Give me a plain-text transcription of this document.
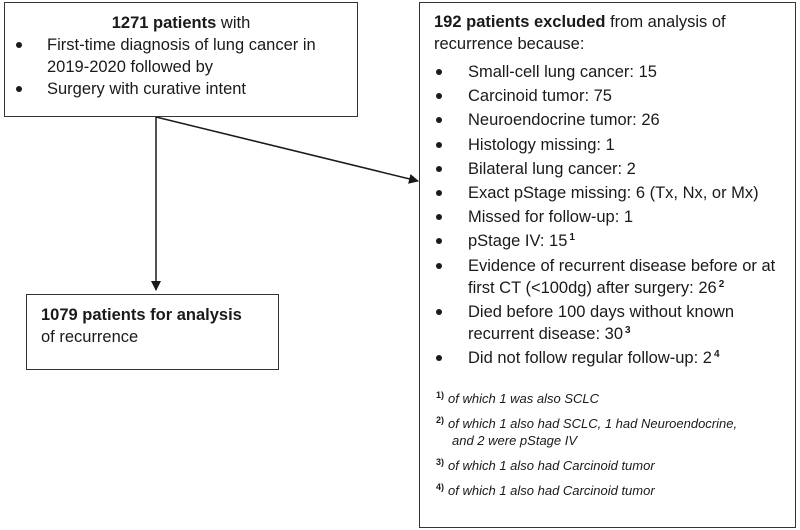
1271 patients with
First-time diagnosis of lung cancer in 2019-2020 followed by
Surgery with curative intent
1079 patients for analysis
of recurrence
192 patients excluded from analysis of recurrence because:
Small-cell lung cancer: 15
Carcinoid tumor: 75
Neuroendocrine tumor: 26
Histology missing: 1
Bilateral lung cancer: 2
Exact pStage missing: 6 (Tx, Nx, or Mx)
Missed for follow-up: 1
pStage IV: 15 $^1$
Evidence of recurrent disease before or at first CT (<100dg) after surgery: 26 $^2$
Died before 100 days without known recurrent disease: 30 $^3$
Did not follow regular follow-up: 2 $^4$
$^{1)}$ of which 1 was also SCLC
$^{2)}$ of which 1 also had SCLC, 1 had Neuroendocrine,
and 2 were pStage IV
$^{3)}$ of which 1 also had Carcinoid tumor
$^{4)}$ of which 1 also had Carcinoid tumor
